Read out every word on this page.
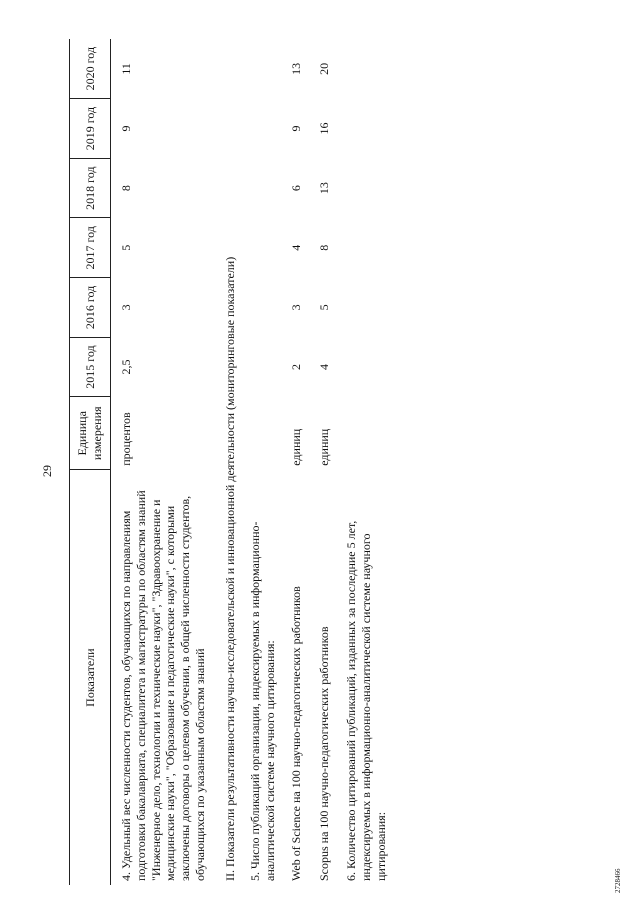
29
2728466
Показатели	Единица измерения	2015 год	2016 год	2017 год	2018 год	2019 год	2020 год
4. Удельный вес численности студентов, обучающихся по направлениям подготовки бакалавриата, специалитета и магистратуры по областям знаний "Инженерное дело, технологии и технические науки", "Здравоохранение и медицинские науки", "Образование и педагогические науки", с которыми заключены договоры о целевом обучении, в общей численности студентов, обучающихся по указанным областям знаний	процентов	2,5	3	5	8	9	11
II. Показатели результативности научно-исследовательской и инновационной деятельности (мониторинговые показатели)							
5. Число публикаций организации, индексируемых в информационно-аналитической системе научного цитирования:							
Web of Science на 100 научно-педагогических работников	единиц	2	3	4	6	9	13
Scopus на 100 научно-педагогических работников	единиц	4	5	8	13	16	20
6. Количество цитирований публикаций, изданных за последние 5 лет, индексируемых в информационно-аналитической системе научного цитирования:							
